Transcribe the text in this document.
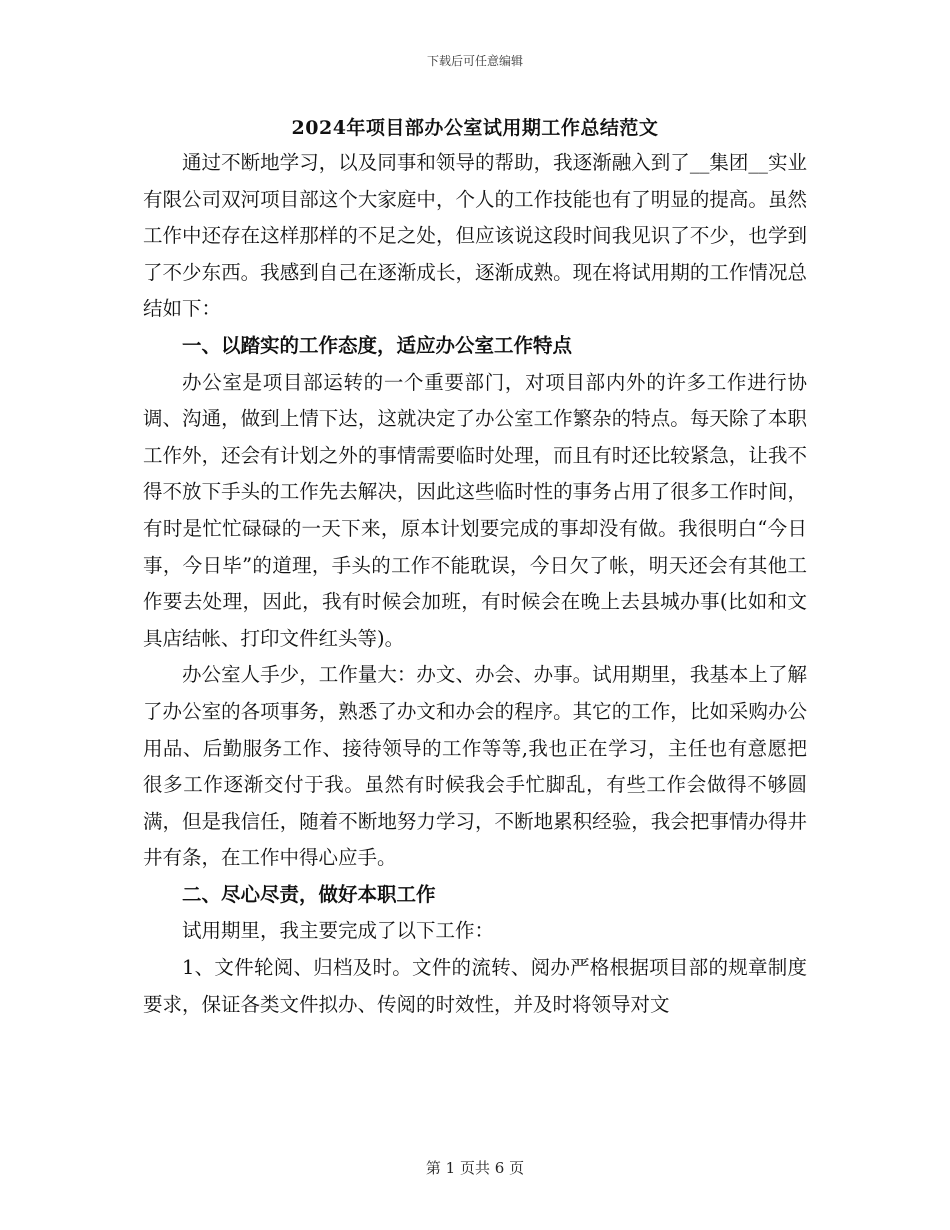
下载后可任意编辑
2024年项目部办公室试用期工作总结范文

通过不断地学习，以及同事和领导的帮助，我逐渐融入到了__集团__实业有限公司双河项目部这个大家庭中，个人的工作技能也有了明显的提高。虽然工作中还存在这样那样的不足之处，但应该说这段时间我见识了不少，也学到了不少东西。我感到自己在逐渐成长，逐渐成熟。现在将试用期的工作情况总结如下：

一、以踏实的工作态度，适应办公室工作特点

办公室是项目部运转的一个重要部门，对项目部内外的许多工作进行协调、沟通，做到上情下达，这就决定了办公室工作繁杂的特点。每天除了本职工作外，还会有计划之外的事情需要临时处理，而且有时还比较紧急，让我不得不放下手头的工作先去解决，因此这些临时性的事务占用了很多工作时间，有时是忙忙碌碌的一天下来，原本计划要完成的事却没有做。我很明白“今日事，今日毕”的道理，手头的工作不能耽误，今日欠了帐，明天还会有其他工作要去处理，因此，我有时候会加班，有时候会在晚上去县城办事(比如和文具店结帐、打印文件红头等)。

办公室人手少，工作量大：办文、办会、办事。试用期里，我基本上了解了办公室的各项事务，熟悉了办文和办会的程序。其它的工作，比如采购办公用品、后勤服务工作、接待领导的工作等等,我也正在学习，主任也有意愿把很多工作逐渐交付于我。虽然有时候我会手忙脚乱，有些工作会做得不够圆满，但是我信任，随着不断地努力学习，不断地累积经验，我会把事情办得井井有条，在工作中得心应手。

二、尽心尽责，做好本职工作

试用期里，我主要完成了以下工作：

1、文件轮阅、归档及时。文件的流转、阅办严格根据项目部的规章制度要求，保证各类文件拟办、传阅的时效性，并及时将领导对文

第 1 页共 6 页
